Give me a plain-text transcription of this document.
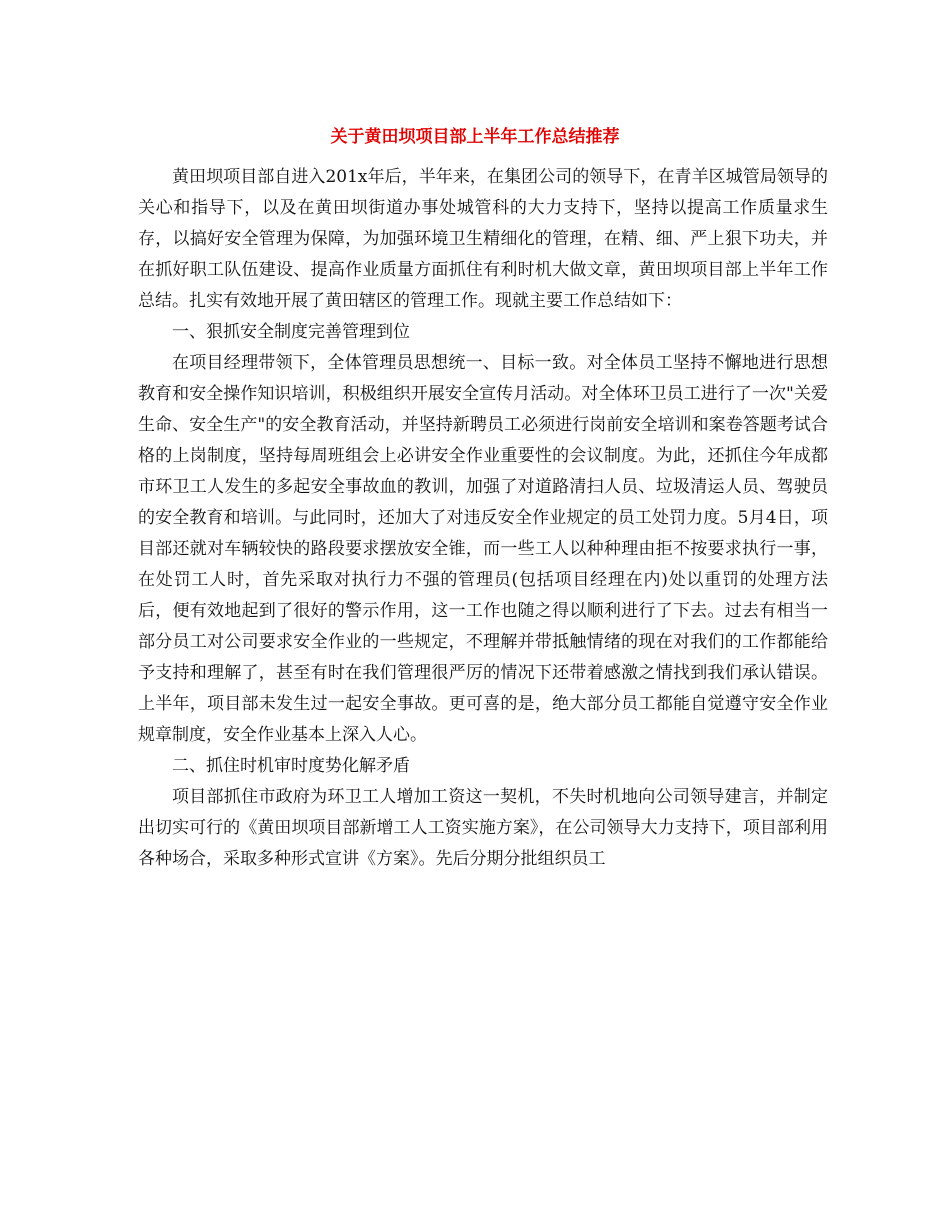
关于黄田坝项目部上半年工作总结推荐

黄田坝项目部自进入201x年后，半年来，在集团公司的领导下，在青羊区城管局领导的关心和指导下，以及在黄田坝街道办事处城管科的大力支持下，坚持以提高工作质量求生存，以搞好安全管理为保障，为加强环境卫生精细化的管理，在精、细、严上狠下功夫，并在抓好职工队伍建设、提高作业质量方面抓住有利时机大做文章，黄田坝项目部上半年工作总结。扎实有效地开展了黄田辖区的管理工作。现就主要工作总结如下：

一、狠抓安全制度完善管理到位

在项目经理带领下，全体管理员思想统一、目标一致。对全体员工坚持不懈地进行思想教育和安全操作知识培训，积极组织开展安全宣传月活动。对全体环卫员工进行了一次"关爱生命、安全生产"的安全教育活动，并坚持新聘员工必须进行岗前安全培训和案卷答题考试合格的上岗制度，坚持每周班组会上必讲安全作业重要性的会议制度。为此，还抓住今年成都市环卫工人发生的多起安全事故血的教训，加强了对道路清扫人员、垃圾清运人员、驾驶员的安全教育和培训。与此同时，还加大了对违反安全作业规定的员工处罚力度。5月4日，项目部还就对车辆较快的路段要求摆放安全锥，而一些工人以种种理由拒不按要求执行一事，在处罚工人时，首先采取对执行力不强的管理员(包括项目经理在内)处以重罚的处理方法后，便有效地起到了很好的警示作用，这一工作也随之得以顺利进行了下去。过去有相当一部分员工对公司要求安全作业的一些规定，不理解并带抵触情绪的现在对我们的工作都能给予支持和理解了，甚至有时在我们管理很严厉的情况下还带着感激之情找到我们承认错误。上半年，项目部未发生过一起安全事故。更可喜的是，绝大部分员工都能自觉遵守安全作业规章制度，安全作业基本上深入人心。

二、抓住时机审时度势化解矛盾

项目部抓住市政府为环卫工人增加工资这一契机，不失时机地向公司领导建言，并制定出切实可行的《黄田坝项目部新增工人工资实施方案》，在公司领导大力支持下，项目部利用各种场合，采取多种形式宣讲《方案》。先后分期分批组织员工
